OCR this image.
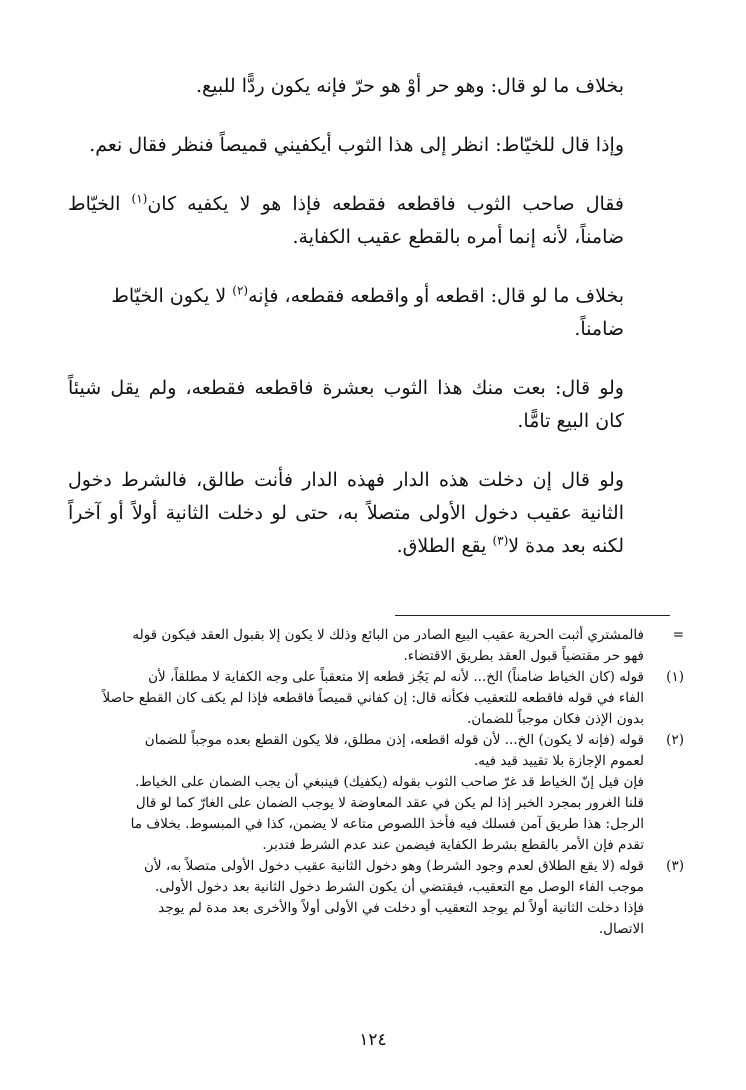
بخلاف ما لو قال: وهو حر أوْ هو حرّ فإنه يكون ردًّا للبيع.

وإذا قال للخيّاط: انظر إلى هذا الثوب أيكفيني قميصاً فنظر فقال نعم.

فقال صاحب الثوب فاقطعه فقطعه فإذا هو لا يكفيه كان$^{(١)}$ الخيّاط ضامناً، لأنه إنما أمره بالقطع عقيب الكفاية.

بخلاف ما لو قال: اقطعه أو واقطعه فقطعه، فإنه$^{(٢)}$ لا يكون الخيّاط ضامناً.

ولو قال: بعت منك هذا الثوب بعشرة فاقطعه فقطعه، ولم يقل شيئاً كان البيع تامًّا.

ولو قال إن دخلت هذه الدار فهذه الدار فأنت طالق، فالشرط دخول الثانية عقيب دخول الأولى متصلاً به، حتى لو دخلت الثانية أولاً أو آخراً لكنه بعد مدة لا$^{(٣)}$ يقع الطلاق.

=
فالمشتري أثبت الحرية عقيب البيع الصادر من البائع وذلك لا يكون إلا بقبول العقد فيكون قوله
فهو حر مقتضياً قبول العقد بطريق الاقتضاء.
(١)
قوله (كان الخياط ضامناً) الخ... لأنه لم يَجُز قطعه إلا متعقباً على وجه الكفاية لا مطلقاً، لأن
الفاء في قوله فاقطعه للتعقيب فكأنه قال: إن كفاني قميصاً فاقطعه فإذا لم يكف كان القطع حاصلاً
بدون الإذن فكان موجباً للضمان.
(٢)
قوله (فإنه لا يكون) الخ... لأن قوله اقطعه، إذن مطلق، فلا يكون القطع بعده موجباً للضمان
لعموم الإجازة بلا تقييد قيد فيه.
فإن قيل إنّ الخياط قد غرّ صاحب الثوب بقوله (يكفيك) فينبغي أن يجب الضمان على الخياط.
قلنا الغرور بمجرد الخبر إذا لم يكن في عقد المعاوضة لا يوجب الضمان على الغارّ كما لو قال
الرجل: هذا طريق آمن فسلك فيه فأخذ اللصوص متاعه لا يضمن، كذا في المبسوط. بخلاف ما
تقدم فإن الأمر بالقطع بشرط الكفاية فيضمن عند عدم الشرط فتدبر.
(٣)
قوله (لا يقع الطلاق لعدم وجود الشرط) وهو دخول الثانية عقيب دخول الأولى متصلاً به، لأن
موجب الفاء الوصل مع التعقيب، فيقتضي أن يكون الشرط دخول الثانية بعد دخول الأولى.
فإذا دخلت الثانية أولاً لم يوجد التعقيب أو دخلت في الأولى أولاً والأخرى بعد مدة لم يوجد
الاتصال.
١٢٤
